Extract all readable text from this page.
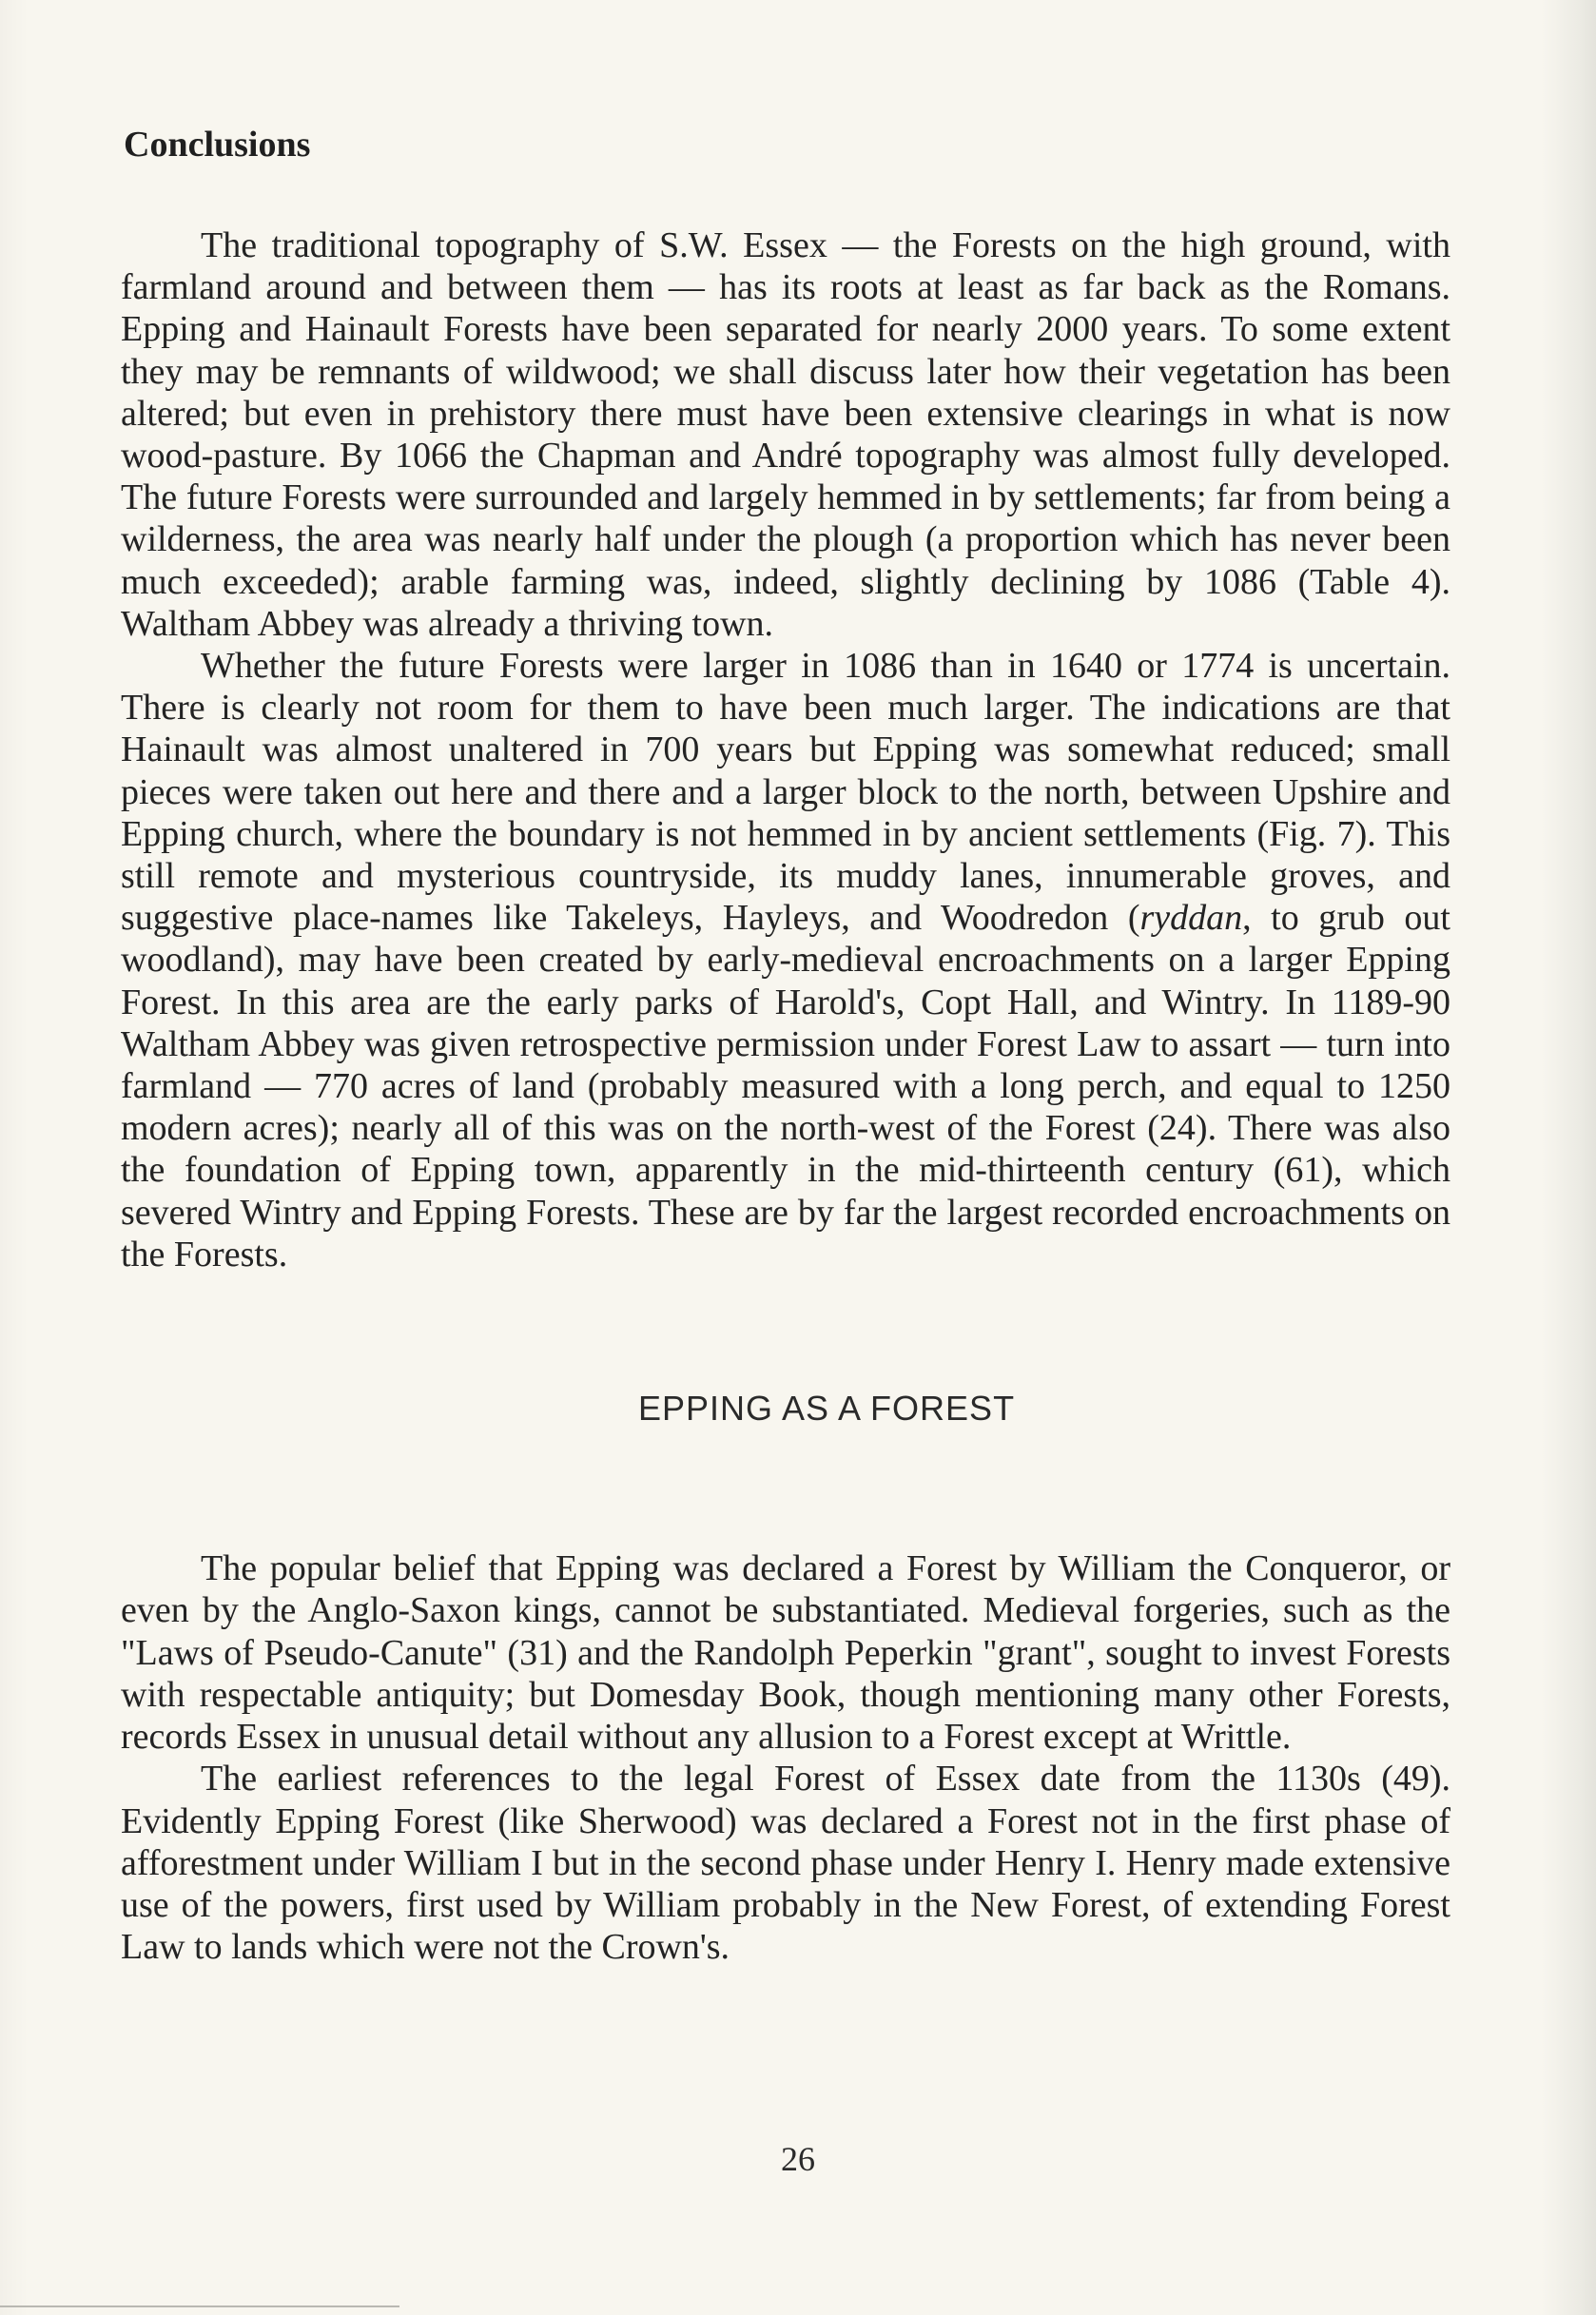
Conclusions

The traditional topography of S.W. Essex — the Forests on the high ground, with farmland around and between them — has its roots at least as far back as the Romans. Epping and Hainault Forests have been separated for nearly 2000 years. To some extent they may be remnants of wildwood; we shall discuss later how their vegetation has been altered; but even in prehistory there must have been extensive clearings in what is now wood-pasture. By 1066 the Chapman and André topography was almost fully developed. The future Forests were surrounded and largely hemmed in by settlements; far from being a wilderness, the area was nearly half under the plough (a proportion which has never been much exceeded); arable farming was, indeed, slightly declining by 1086 (Table 4). Waltham Abbey was already a thriving town.

Whether the future Forests were larger in 1086 than in 1640 or 1774 is uncertain. There is clearly not room for them to have been much larger. The indications are that Hainault was almost unaltered in 700 years but Epping was somewhat reduced; small pieces were taken out here and there and a larger block to the north, between Upshire and Epping church, where the boundary is not hemmed in by ancient settlements (Fig. 7). This still remote and mysterious countryside, its muddy lanes, innumerable groves, and suggestive place-names like Takeleys, Hayleys, and Woodredon (ryddan, to grub out woodland), may have been created by early-medieval encroachments on a larger Epping Forest. In this area are the early parks of Harold's, Copt Hall, and Wintry. In 1189-90 Waltham Abbey was given retrospective permission under Forest Law to assart — turn into farmland — 770 acres of land (probably measured with a long perch, and equal to 1250 modern acres); nearly all of this was on the north-west of the Forest (24). There was also the foundation of Epping town, apparently in the mid-thirteenth century (61), which severed Wintry and Epping Forests. These are by far the largest recorded encroachments on the Forests.

EPPING AS A FOREST

The popular belief that Epping was declared a Forest by William the Conqueror, or even by the Anglo-Saxon kings, cannot be substantiated. Medieval forgeries, such as the "Laws of Pseudo-Canute" (31) and the Randolph Peperkin "grant", sought to invest Forests with respectable antiquity; but Domesday Book, though mentioning many other Forests, records Essex in unusual detail without any allusion to a Forest except at Writtle.

The earliest references to the legal Forest of Essex date from the 1130s (49). Evidently Epping Forest (like Sherwood) was declared a Forest not in the first phase of afforestment under William I but in the second phase under Henry I. Henry made extensive use of the powers, first used by William probably in the New Forest, of extending Forest Law to lands which were not the Crown's.

26
